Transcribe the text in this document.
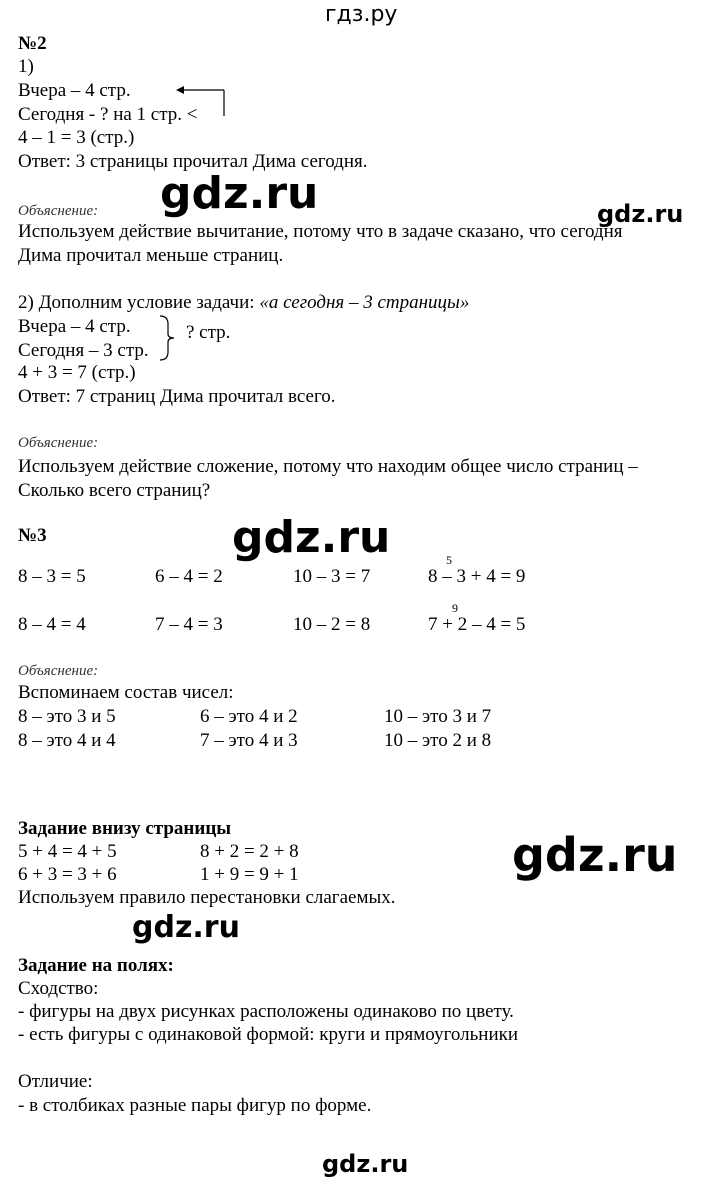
гдз.ру
№2
1)
Вчера – 4 стр.
Сегодня - ? на 1 стр. <
4 – 1 = 3 (стр.)
Ответ: 3 страницы прочитал Дима сегодня.
Объяснение:
Используем действие вычитание, потому что в задаче сказано, что сегодня
Дима прочитал меньше страниц.
2) Дополним условие задачи: «а сегодня – 3 страницы»
Вчера – 4 стр.
Сегодня – 3 стр.
? стр.
4 + 3 = 7 (стр.)
Ответ: 7 страниц Дима прочитал всего.
Объяснение:
Используем действие сложение, потому что находим общее число страниц –
Сколько всего страниц?
№3
5
8 – 3 = 5	6 – 4 = 2	10 – 3 = 7	8 – 3 + 4 = 9
9
8 – 4 = 4	7 – 4 = 3	10 – 2 = 8	7 + 2 – 4 = 5
Объяснение:
Вспоминаем состав чисел:
8 – это 3 и 5	6 – это 4 и 2	10 – это 3 и 7
8 – это 4 и 4	7 – это 4 и 3	10 – это 2 и 8
Задание внизу страницы
5 + 4 = 4 + 5	8 + 2 = 2 + 8
6 + 3 = 3 + 6	1 + 9 = 9 + 1
Используем правило перестановки слагаемых.
Задание на полях:
Сходство:
- фигуры на двух рисунках расположены одинаково по цвету.
- есть фигуры с одинаковой формой: круги и прямоугольники
Отличие:
- в столбиках разные пары фигур по форме.
gdz.ru	gdz.ru
gdz.ru
gdz.ru
gdz.ru
gdz.ru
